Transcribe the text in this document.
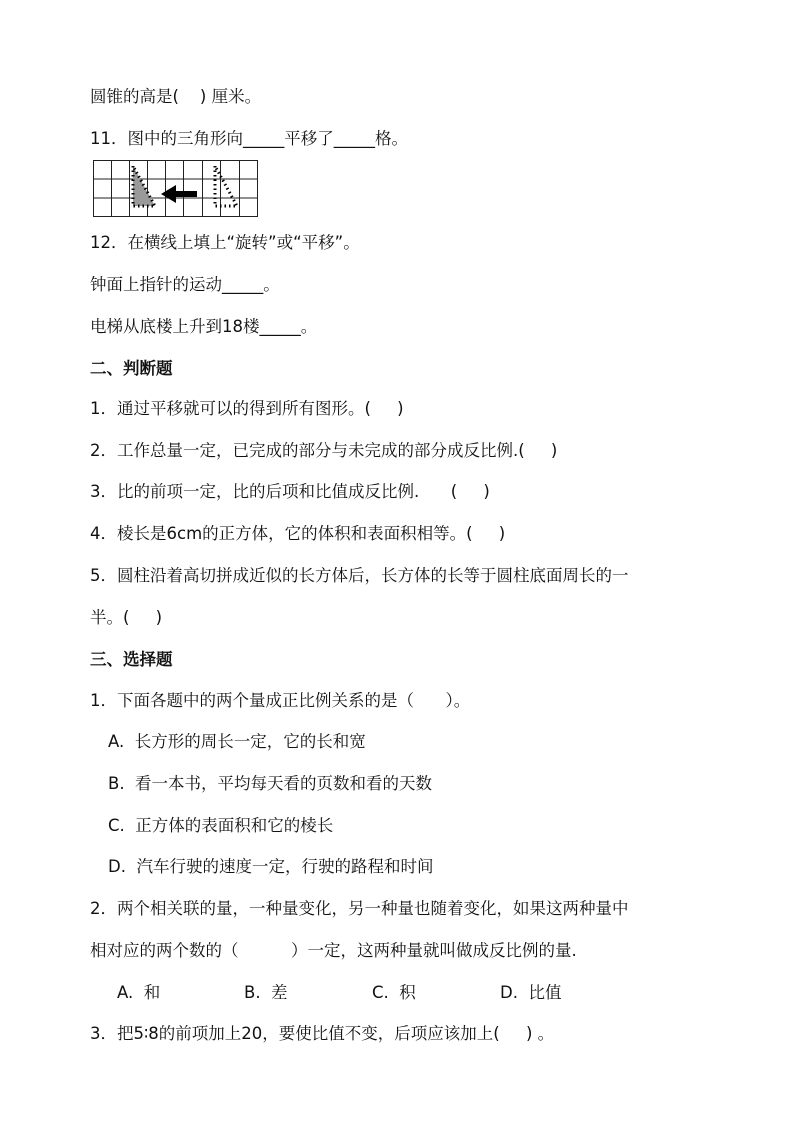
圆锥的高是(    ) 厘米。
11．图中的三角形向_____平移了_____格。
12．在横线上填上“旋转”或“平移”。
钟面上指针的运动_____。
电梯从底楼上升到18楼_____。
二、判断题
1．通过平移就可以的得到所有图形。(     )
2．工作总量一定，已完成的部分与未完成的部分成反比例.(     )
3．比的前项一定，比的后项和比值成反比例.      (     )
4．棱长是6cm的正方体，它的体积和表面积相等。(     )
5．圆柱沿着高切拼成近似的长方体后，长方体的长等于圆柱底面周长的一
半。(     )
三、选择题
1．下面各题中的两个量成正比例关系的是（      ）。
A.  长方形的周长一定，它的长和宽
B.  看一本书，平均每天看的页数和看的天数
C.  正方体的表面积和它的棱长
D.  汽车行驶的速度一定，行驶的路程和时间
2．两个相关联的量，一种量变化，另一种量也随着变化，如果这两种量中
相对应的两个数的（          ）一定，这两种量就叫做成反比例的量.
A.  和	B.  差	C.  积	D.  比值
3．把5∶8的前项加上20，要使比值不变，后项应该加上(     ) 。
